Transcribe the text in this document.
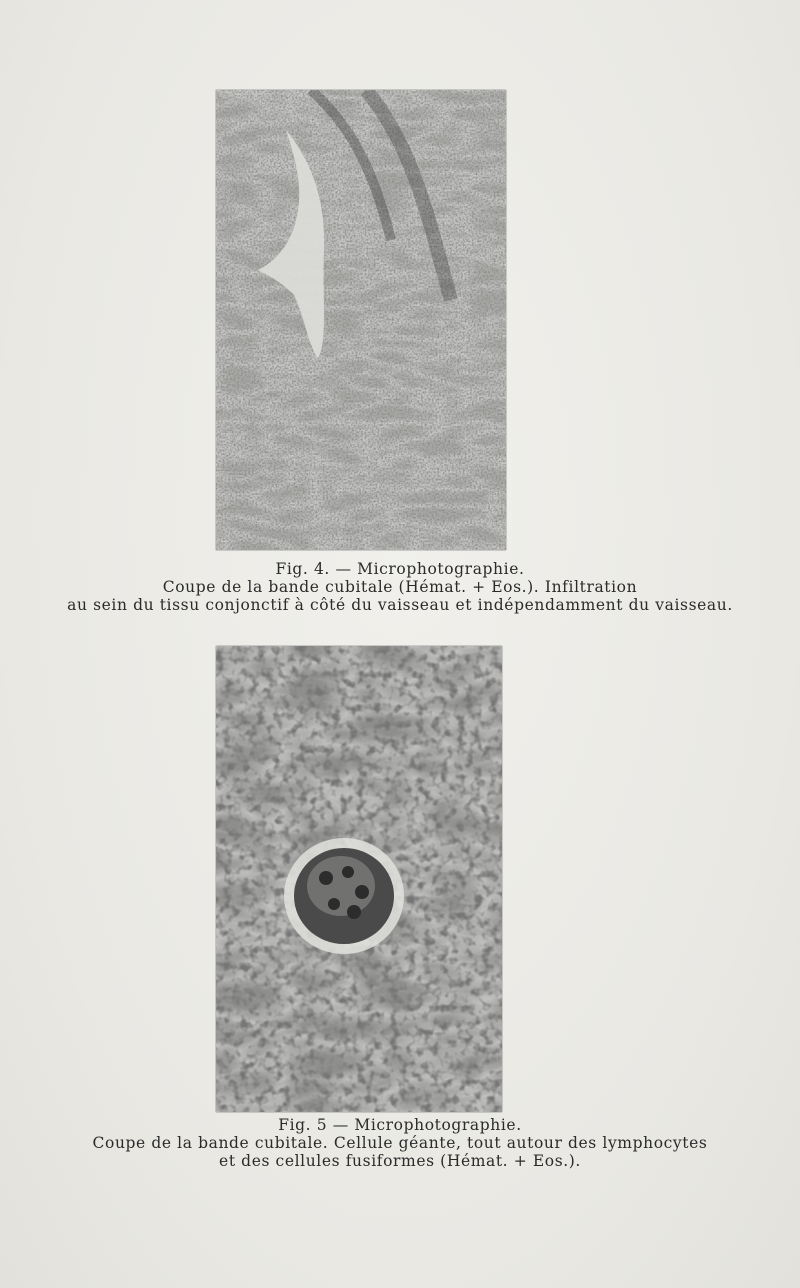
Fig. 4. — Microphotographie.
Coupe de la bande cubitale (Hémat. + Eos.). Infiltration
au sein du tissu conjonctif à côté du vaisseau et indépendamment du vaisseau.
Fig. 5 — Microphotographie.
Coupe de la bande cubitale. Cellule géante, tout autour des lymphocytes
et des cellules fusiformes (Hémat. + Eos.).
